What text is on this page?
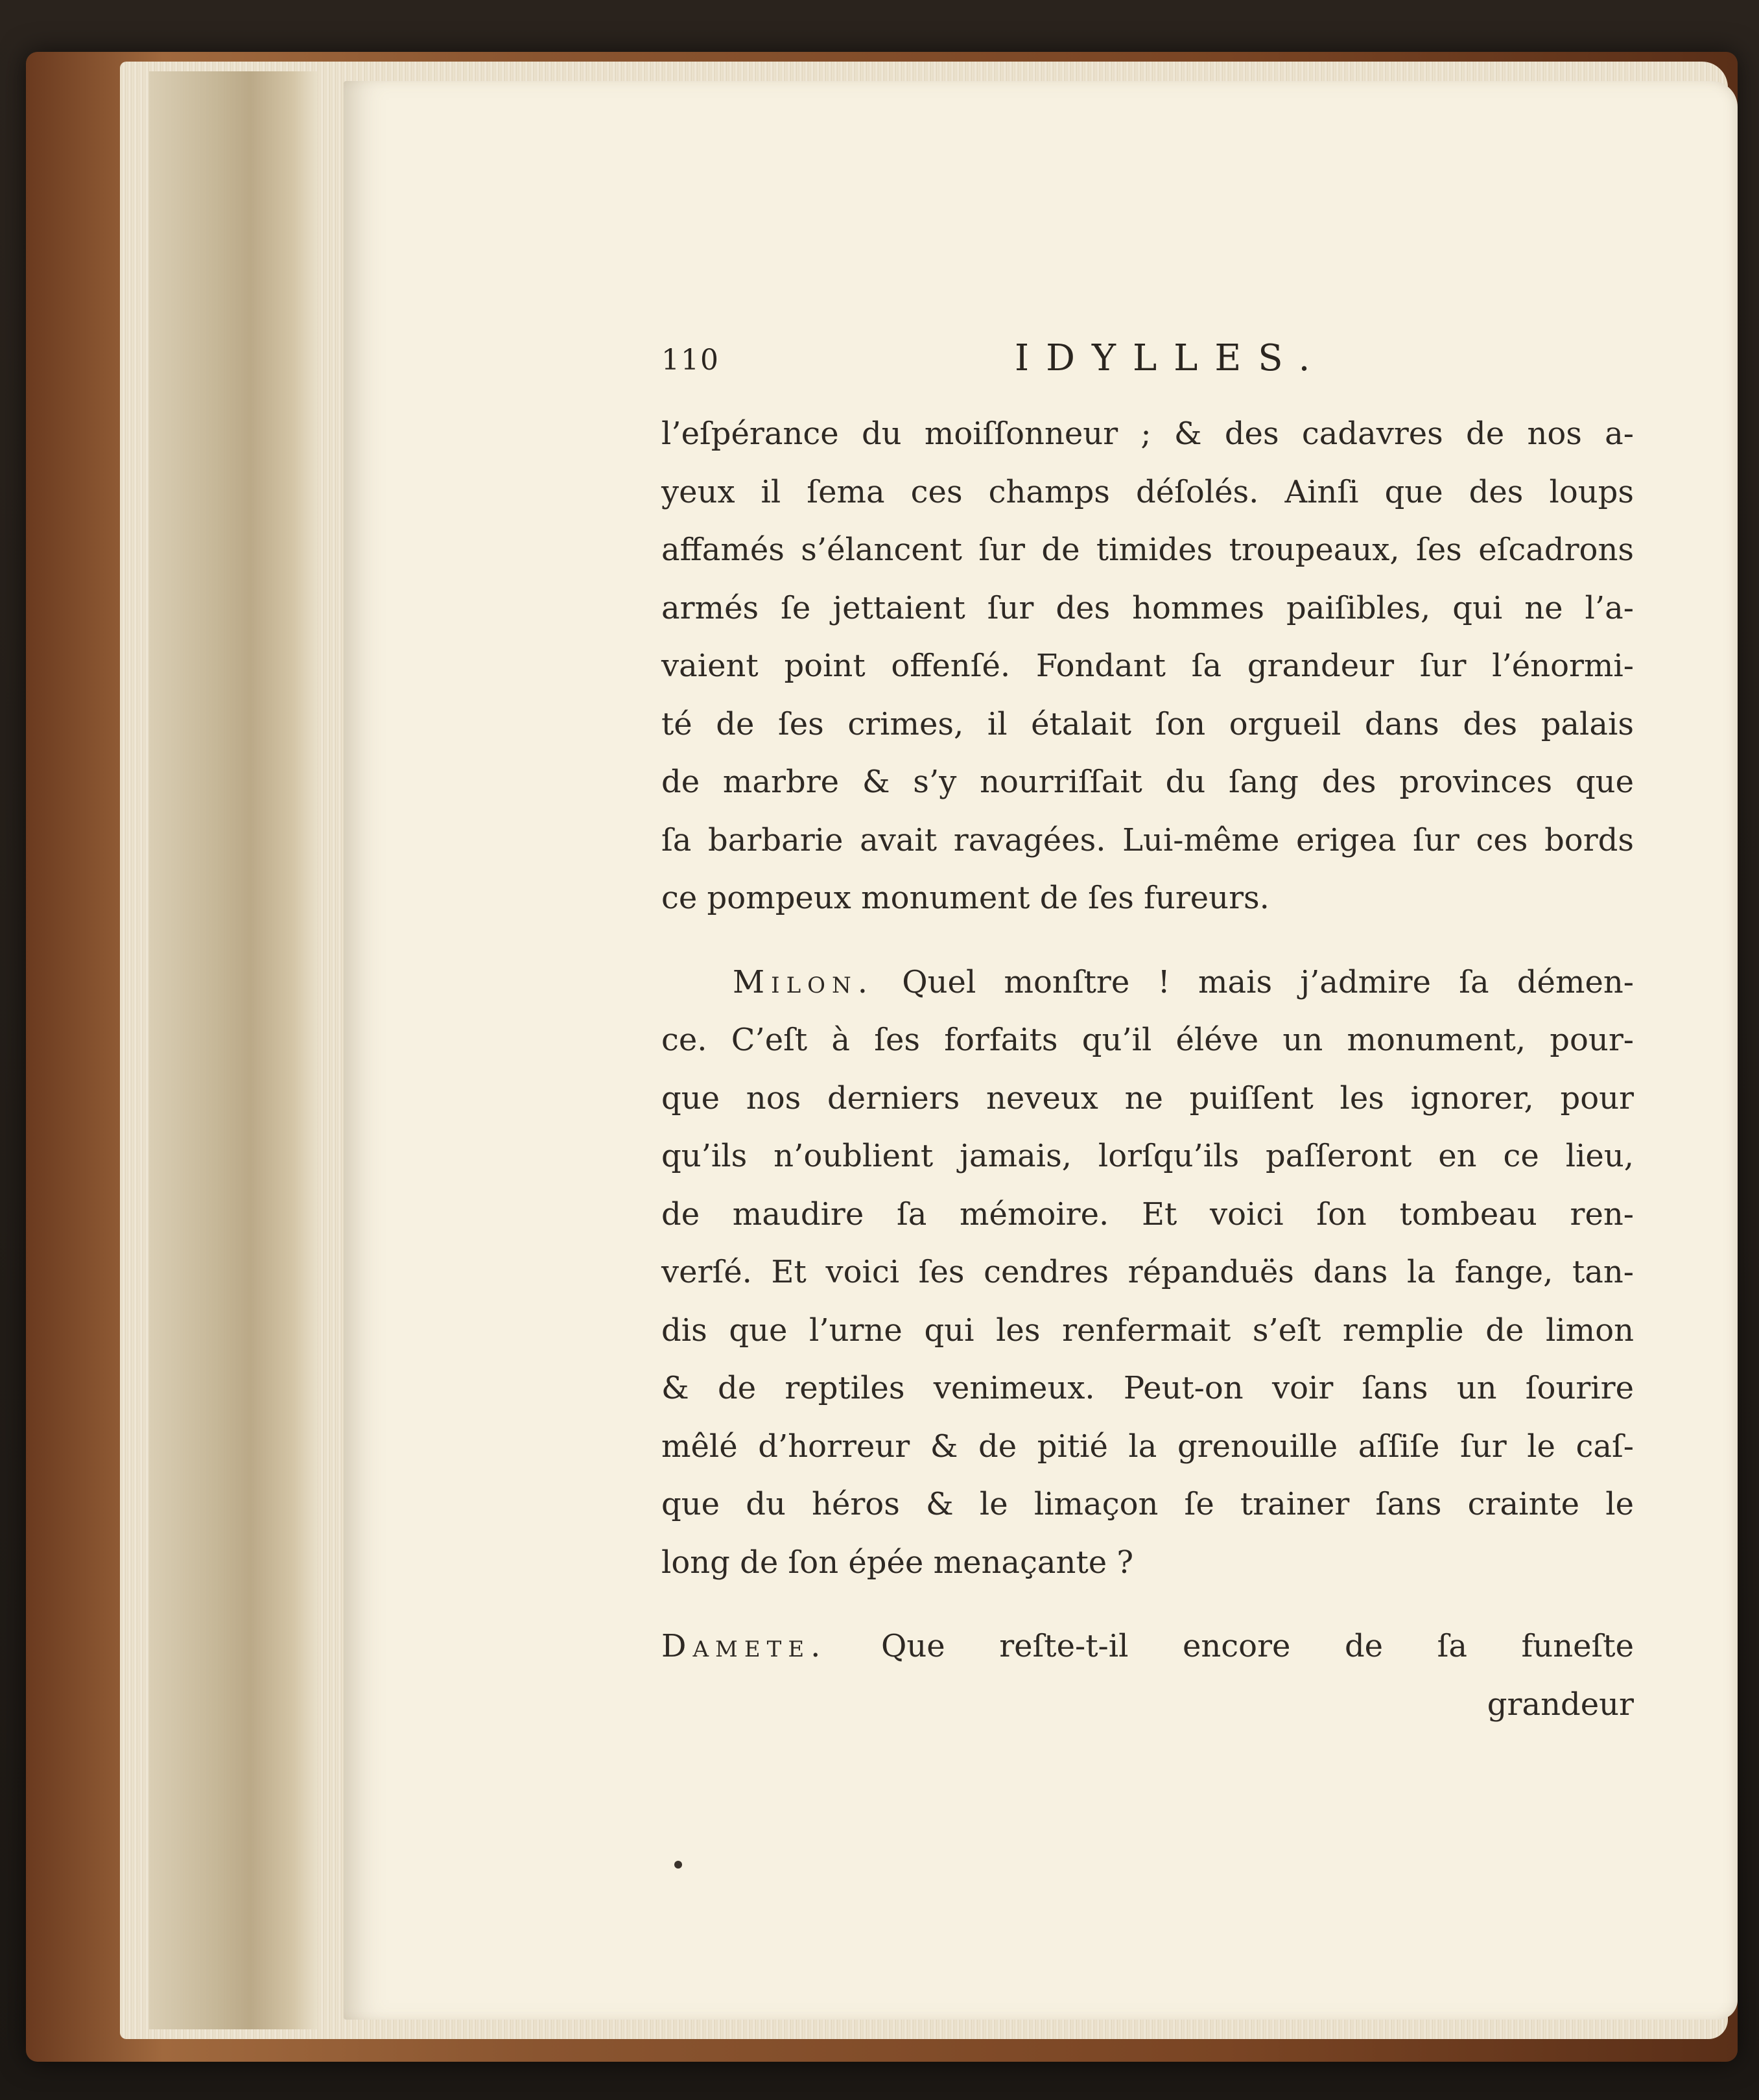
110	IDYLLES.
l’eſpérance du moiſſonneur ; & des cadavres de nos a-
yeux il ſema ces champs déſolés. Ainſi que des loups
affamés s’élancent ſur de timides troupeaux, ſes eſcadrons
armés ſe jettaient ſur des hommes paiſibles, qui ne l’a-
vaient point offenſé. Fondant ſa grandeur ſur l’énormi-
té de ſes crimes, il étalait ſon orgueil dans des palais
de marbre & s’y nourriſſait du ſang des provinces que
ſa barbarie avait ravagées. Lui-même erigea ſur ces bords
ce pompeux monument de ſes fureurs.
Milon. Quel monſtre ! mais j’admire ſa démen-
ce. C’eſt à ſes forfaits qu’il éléve un monument, pour-
que nos derniers neveux ne puiſſent les ignorer, pour
qu’ils n’oublient jamais, lorſqu’ils paſſeront en ce lieu,
de maudire ſa mémoire. Et voici ſon tombeau ren-
verſé. Et voici ſes cendres répanduës dans la fange, tan-
dis que l’urne qui les renfermait s’eſt remplie de limon
& de reptiles venimeux. Peut-on voir ſans un ſourire
mêlé d’horreur & de pitié la grenouille aſſiſe ſur le caſ-
que du héros & le limaçon ſe trainer ſans crainte le
long de ſon épée menaçante ?
Damete. Que reſte-t-il encore de ſa funeſte
grandeur
